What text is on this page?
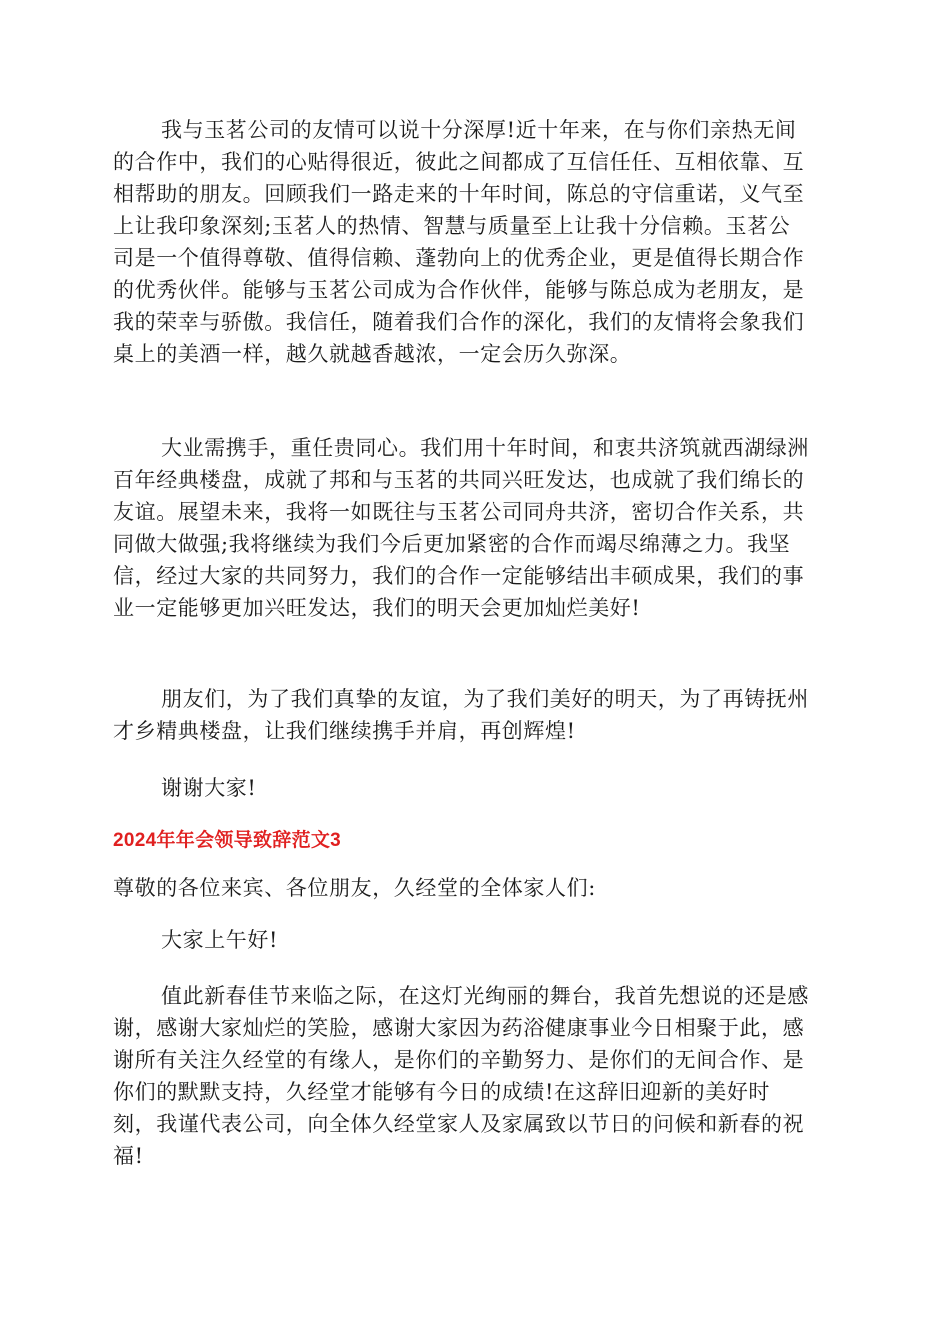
我与玉茗公司的友情可以说十分深厚!近十年来，在与你们亲热无间
的合作中，我们的心贴得很近，彼此之间都成了互信任任、互相依靠、互
相帮助的朋友。回顾我们一路走来的十年时间，陈总的守信重诺，义气至
上让我印象深刻;玉茗人的热情、智慧与质量至上让我十分信赖。玉茗公
司是一个值得尊敬、值得信赖、蓬勃向上的优秀企业，更是值得长期合作
的优秀伙伴。能够与玉茗公司成为合作伙伴，能够与陈总成为老朋友，是
我的荣幸与骄傲。我信任，随着我们合作的深化，我们的友情将会象我们
桌上的美酒一样，越久就越香越浓，一定会历久弥深。
大业需携手，重任贵同心。我们用十年时间，和衷共济筑就西湖绿洲
百年经典楼盘，成就了邦和与玉茗的共同兴旺发达，也成就了我们绵长的
友谊。展望未来，我将一如既往与玉茗公司同舟共济，密切合作关系，共
同做大做强;我将继续为我们今后更加紧密的合作而竭尽绵薄之力。我坚
信，经过大家的共同努力，我们的合作一定能够结出丰硕成果，我们的事
业一定能够更加兴旺发达，我们的明天会更加灿烂美好!
朋友们，为了我们真挚的友谊，为了我们美好的明天，为了再铸抚州
才乡精典楼盘，让我们继续携手并肩，再创辉煌!
谢谢大家!
2024年年会领导致辞范文3
尊敬的各位来宾、各位朋友，久经堂的全体家人们:
大家上午好!
值此新春佳节来临之际，在这灯光绚丽的舞台，我首先想说的还是感
谢，感谢大家灿烂的笑脸，感谢大家因为药浴健康事业今日相聚于此，感
谢所有关注久经堂的有缘人，是你们的辛勤努力、是你们的无间合作、是
你们的默默支持，久经堂才能够有今日的成绩!在这辞旧迎新的美好时
刻，我谨代表公司，向全体久经堂家人及家属致以节日的问候和新春的祝
福!
